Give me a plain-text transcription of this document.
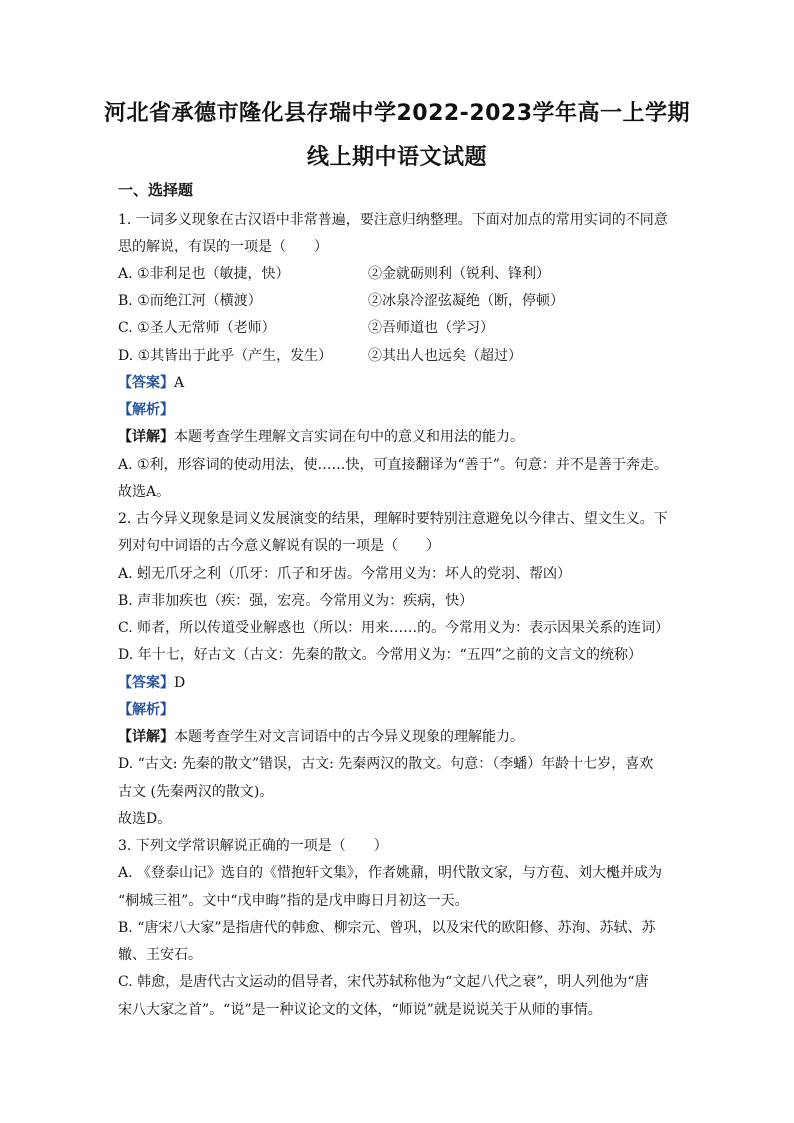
河北省承德市隆化县存瑞中学2022-2023学年高一上学期
线上期中语文试题
一、选择题
1. 一词多义现象在古汉语中非常普遍，要注意归纳整理。下面对加点的常用实词的不同意
思的解说，有误的一项是（　　）
A. ①非利足也（敏捷，快）	②金就砺则利（锐利、锋利）
B. ①而绝江河（横渡）	②冰泉冷涩弦凝绝（断，停顿）
C. ①圣人无常师（老师）	②吾师道也（学习）
D. ①其皆出于此乎（产生，发生）	②其出人也远矣（超过）
【答案】A
【解析】
【详解】本题考查学生理解文言实词在句中的意义和用法的能力。
A. ①利，形容词的使动用法，使……快，可直接翻译为“善于”。句意：并不是善于奔走。
故选A。
2. 古今异义现象是词义发展演变的结果，理解时要特别注意避免以今律古、望文生义。下
列对句中词语的古今意义解说有误的一项是（　　）
A. 蚓无爪牙之利（爪牙：爪子和牙齿。今常用义为：坏人的党羽、帮凶）
B. 声非加疾也（疾：强，宏亮。今常用义为：疾病，快）
C. 师者，所以传道受业解惑也（所以：用来……的。今常用义为：表示因果关系的连词）
D. 年十七，好古文（古文：先秦的散文。今常用义为：“五四”之前的文言文的统称）
【答案】D
【解析】
【详解】本题考查学生对文言词语中的古今异义现象的理解能力。
D. “古文: 先秦的散文”错误，古文: 先秦两汉的散文。句意：（李蟠）年龄十七岁，喜欢
古文 (先秦两汉的散文)。
故选D。
3. 下列文学常识解说正确的一项是（　　）
A. 《登泰山记》选自的《惜抱轩文集》，作者姚鼐，明代散文家，与方苞、刘大櫆并成为
“桐城三祖”。文中“戊申晦”指的是戊申晦日月初这一天。
B. “唐宋八大家”是指唐代的韩愈、柳宗元、曾巩，以及宋代的欧阳修、苏洵、苏轼、苏
辙、王安石。
C. 韩愈，是唐代古文运动的倡导者，宋代苏轼称他为“文起八代之衰”，明人列他为“唐
宋八大家之首”。“说”是一种议论文的文体，“师说”就是说说关于从师的事情。
